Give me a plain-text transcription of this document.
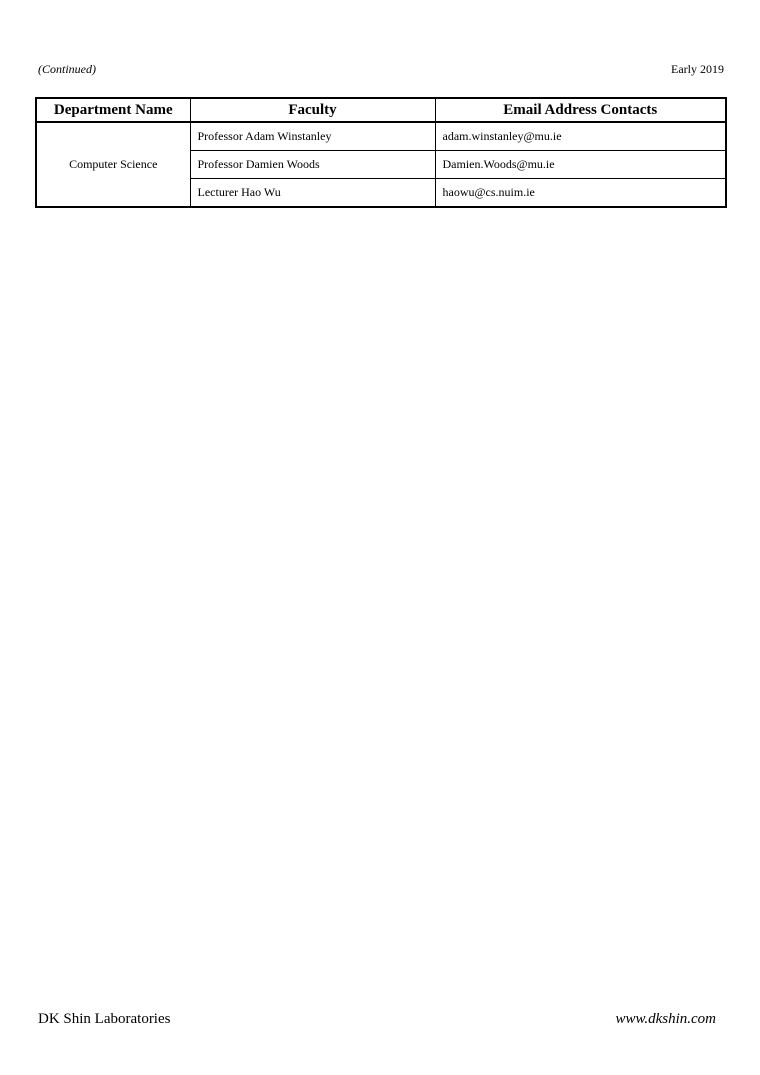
(Continued)	Early 2019
Department Name	Faculty	Email Address Contacts
Computer Science	Professor Adam Winstanley	adam.winstanley@mu.ie
	Professor Damien Woods	Damien.Woods@mu.ie
	Lecturer Hao Wu	haowu@cs.nuim.ie
DK Shin Laboratories	www.dkshin.com
